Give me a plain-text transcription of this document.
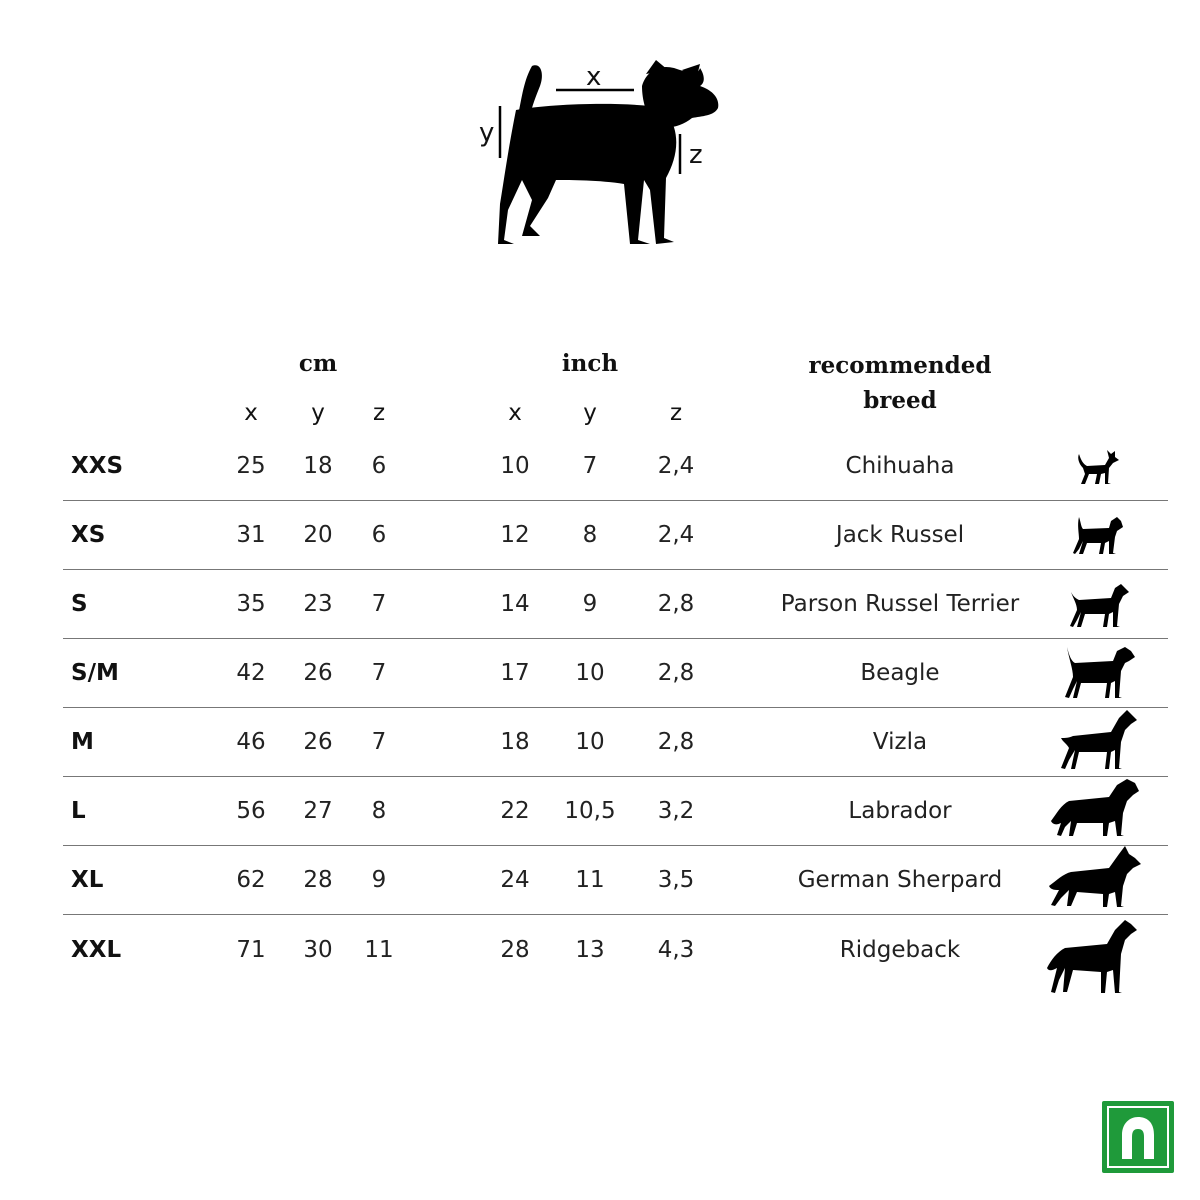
x
y
z
cm	inch	recommended
breed
x	y	z	x	y	z
XXS	25	18	6	10	7	2,4	Chihuaha
XS	31	20	6	12	8	2,4	Jack Russel
S	35	23	7	14	9	2,8	Parson Russel Terrier
S/M	42	26	7	17	10	2,8	Beagle
M	46	26	7	18	10	2,8	Vizla
L	56	27	8	22	10,5	3,2	Labrador
XL	62	28	9	24	11	3,5	German Sherpard
XXL	71	30	11	28	13	4,3	Ridgeback
